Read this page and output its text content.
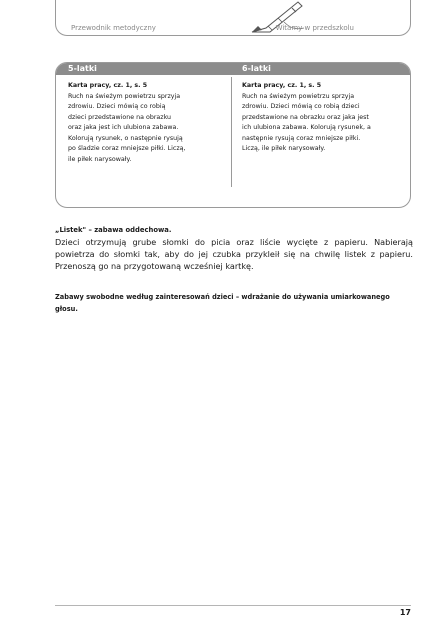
Przewodnik metodyczny	Witamy w przedszkolu
5-latki	6-latki
Karta pracy, cz. 1, s. 5
Ruch na świeżym powietrzu sprzyja
zdrowiu. Dzieci mówią co robią
dzieci przedstawione na obrazku
oraz jaka jest ich ulubiona zabawa.
Kolorują rysunek, o następnie rysują
po śladzie coraz mniejsze piłki. Liczą,
ile piłek narysowały.
Karta pracy, cz. 1, s. 5
Ruch na świeżym powietrzu sprzyja
zdrowiu. Dzieci mówią co robią dzieci
przedstawione na obrazku oraz jaka jest
ich ulubiona zabawa. Kolorują rysunek, a
następnie rysują coraz mniejsze piłki.
Liczą, ile piłek narysowały.
„Listek" – zabawa oddechowa.
Dzieci otrzymują grube słomki do picia oraz liście wycięte z papieru. Nabierają powietrza do słomki tak, aby do jej czubka przykleił się na chwilę listek z papieru. Przenoszą go na przygotowaną wcześniej kartkę.
Zabawy swobodne według zainteresowań dzieci – wdrażanie do używania umiarkowanego głosu.
17
